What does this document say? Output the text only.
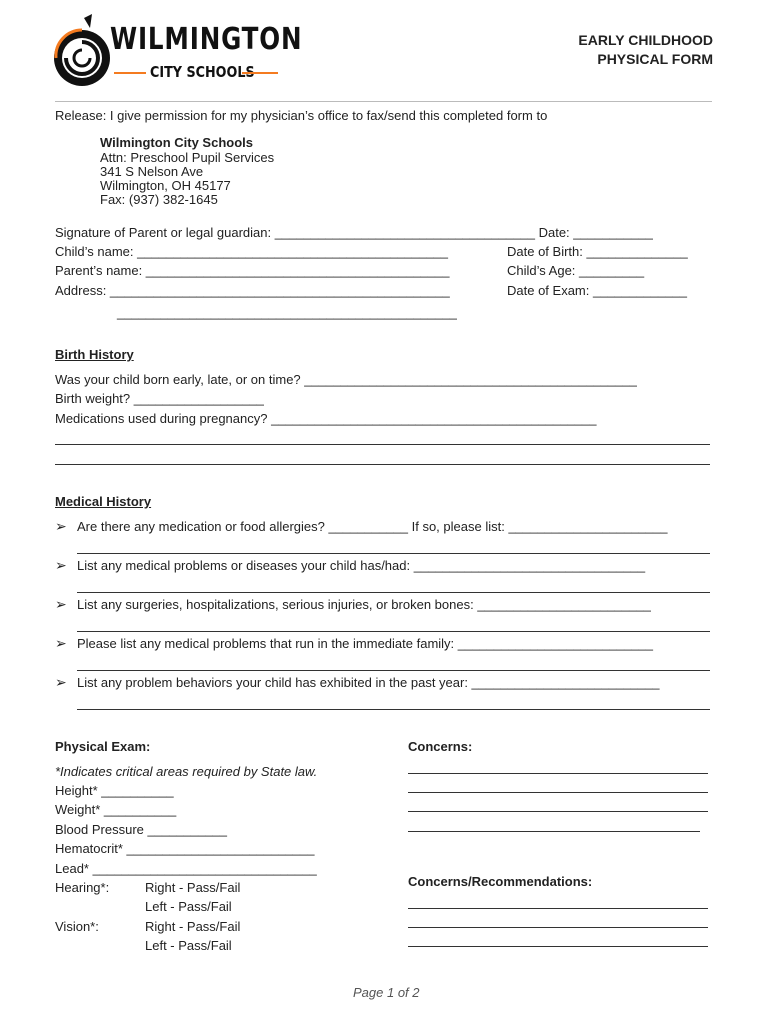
WILMINGTON
CITY SCHOOLS
EARLY CHILDHOOD
PHYSICAL FORM
Release: I give permission for my physician’s office to fax/send this completed form to
Wilmington City Schools
Attn: Preschool Pupil Services
341 S Nelson Ave
Wilmington, OH 45177
Fax: (937) 382-1645
Signature of Parent or legal guardian: ____________________________________ Date: ___________
Child’s name: ___________________________________________
Parent’s name: __________________________________________
Address: _______________________________________________
_______________________________________________
Date of Birth: ______________
Child’s Age: _________
Date of Exam: _____________
Birth History
Was your child born early, late, or on time? ______________________________________________
Birth weight? __________________
Medications used during pregnancy? _____________________________________________
Medical History
➢ Are there any medication or food allergies? ___________ If so, please list: ______________________
➢ List any medical problems or diseases your child has/had: ________________________________
➢ List any surgeries, hospitalizations, serious injuries, or broken bones: ________________________
➢ Please list any medical problems that run in the immediate family: ___________________________
➢ List any problem behaviors your child has exhibited in the past year: __________________________
Physical Exam:
*Indicates critical areas required by State law.
Height* __________
Weight* __________
Blood Pressure ___________
Hematocrit* __________________________
Lead* _______________________________
Hearing*:	Right - Pass/Fail
Left - Pass/Fail
Vision*:	Right - Pass/Fail
Left - Pass/Fail
Concerns:
Concerns/Recommendations:
Page 1 of 2
